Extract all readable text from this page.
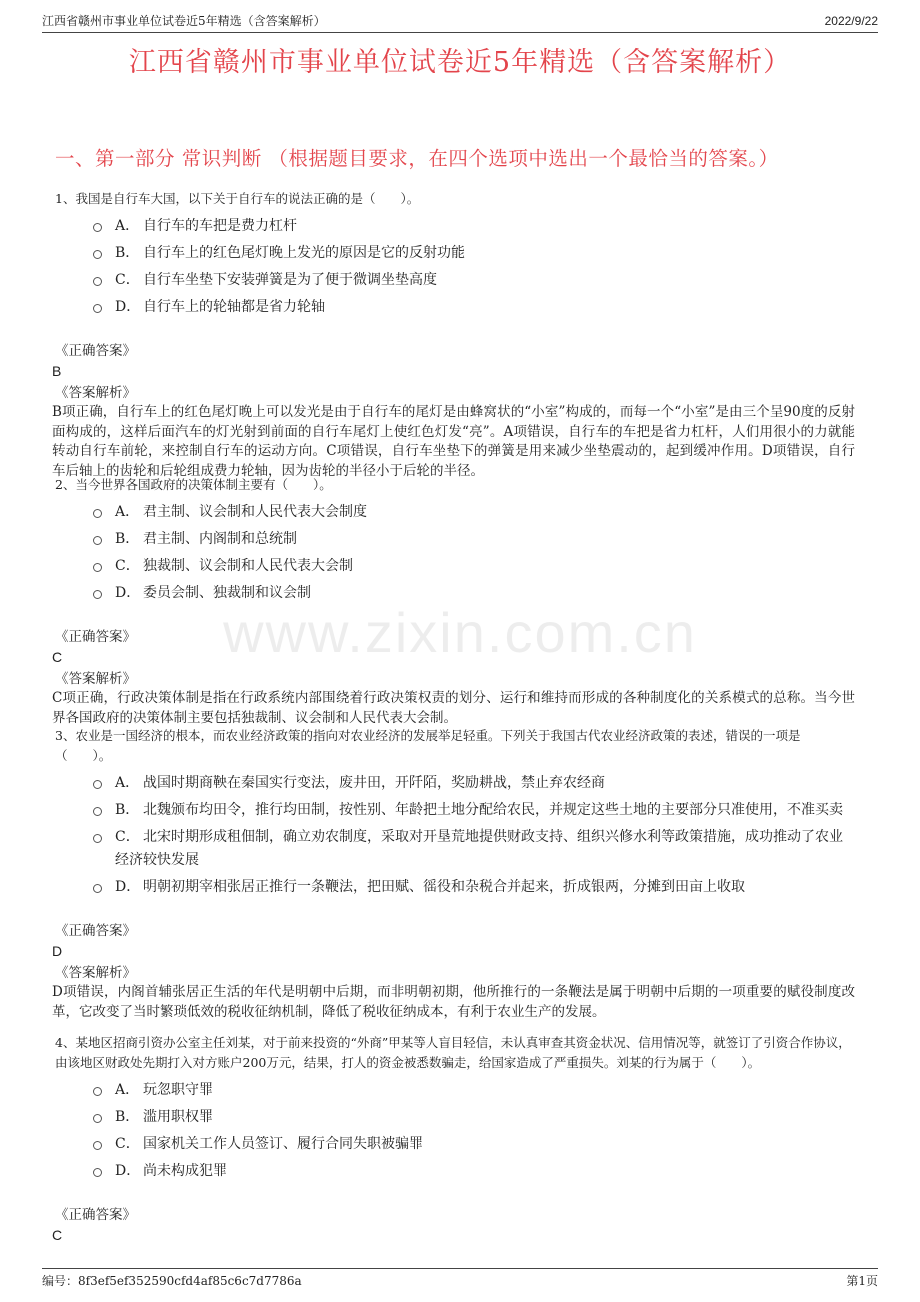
江西省赣州市事业单位试卷近5年精选（含答案解析）	2022/9/22
江西省赣州市事业单位试卷近5年精选（含答案解析）
一、第一部分 常识判断 （根据题目要求，在四个选项中选出一个最恰当的答案。）
www.zixin.com.cn

1、我国是自行车大国，以下关于自行车的说法正确的是（　　）。

A． 自行车的车把是费力杠杆
B． 自行车上的红色尾灯晚上发光的原因是它的反射功能
C． 自行车坐垫下安装弹簧是为了便于微调坐垫高度
D． 自行车上的轮轴都是省力轮轴
《正确答案》
B
《答案解析》
B项正确，自行车上的红色尾灯晚上可以发光是由于自行车的尾灯是由蜂窝状的“小室”构成的，而每一个“小室”是由三个呈90度的反射面构成的，这样后面汽车的灯光射到前面的自行车尾灯上使红色灯发“亮”。A项错误，自行车的车把是省力杠杆，人们用很小的力就能转动自行车前轮，来控制自行车的运动方向。C项错误，自行车坐垫下的弹簧是用来减少坐垫震动的，起到缓冲作用。D项错误，自行车后轴上的齿轮和后轮组成费力轮轴，因为齿轮的半径小于后轮的半径。

2、当今世界各国政府的决策体制主要有（　　）。

A． 君主制、议会制和人民代表大会制度
B． 君主制、内阁制和总统制
C． 独裁制、议会制和人民代表大会制
D． 委员会制、独裁制和议会制
《正确答案》
C
《答案解析》
C项正确，行政决策体制是指在行政系统内部围绕着行政决策权责的划分、运行和维持而形成的各种制度化的关系模式的总称。当今世界各国政府的决策体制主要包括独裁制、议会制和人民代表大会制。

3、农业是一国经济的根本，而农业经济政策的指向对农业经济的发展举足轻重。下列关于我国古代农业经济政策的表述，错误的一项是（　　）。

A． 战国时期商鞅在秦国实行变法，废井田，开阡陌，奖励耕战，禁止弃农经商
B． 北魏颁布均田令，推行均田制，按性别、年龄把土地分配给农民，并规定这些土地的主要部分只准使用，不准买卖
C． 北宋时期形成租佃制，确立劝农制度，采取对开垦荒地提供财政支持、组织兴修水利等政策措施，成功推动了农业经济较快发展
D． 明朝初期宰相张居正推行一条鞭法，把田赋、徭役和杂税合并起来，折成银两，分摊到田亩上收取
《正确答案》
D
《答案解析》
D项错误，内阁首辅张居正生活的年代是明朝中后期，而非明朝初期，他所推行的一条鞭法是属于明朝中后期的一项重要的赋役制度改革，它改变了当时繁琐低效的税收征纳机制，降低了税收征纳成本，有利于农业生产的发展。

4、某地区招商引资办公室主任刘某，对于前来投资的“外商”甲某等人盲目轻信，未认真审查其资金状况、信用情况等，就签订了引资合作协议，由该地区财政处先期打入对方账户200万元，结果，打人的资金被悉数骗走，给国家造成了严重损失。刘某的行为属于（　　）。

A． 玩忽职守罪
B． 滥用职权罪
C． 国家机关工作人员签订、履行合同失职被骗罪
D． 尚未构成犯罪
《正确答案》
C
编号：8f3ef5ef352590cfd4af85c6c7d7786a	第1页
